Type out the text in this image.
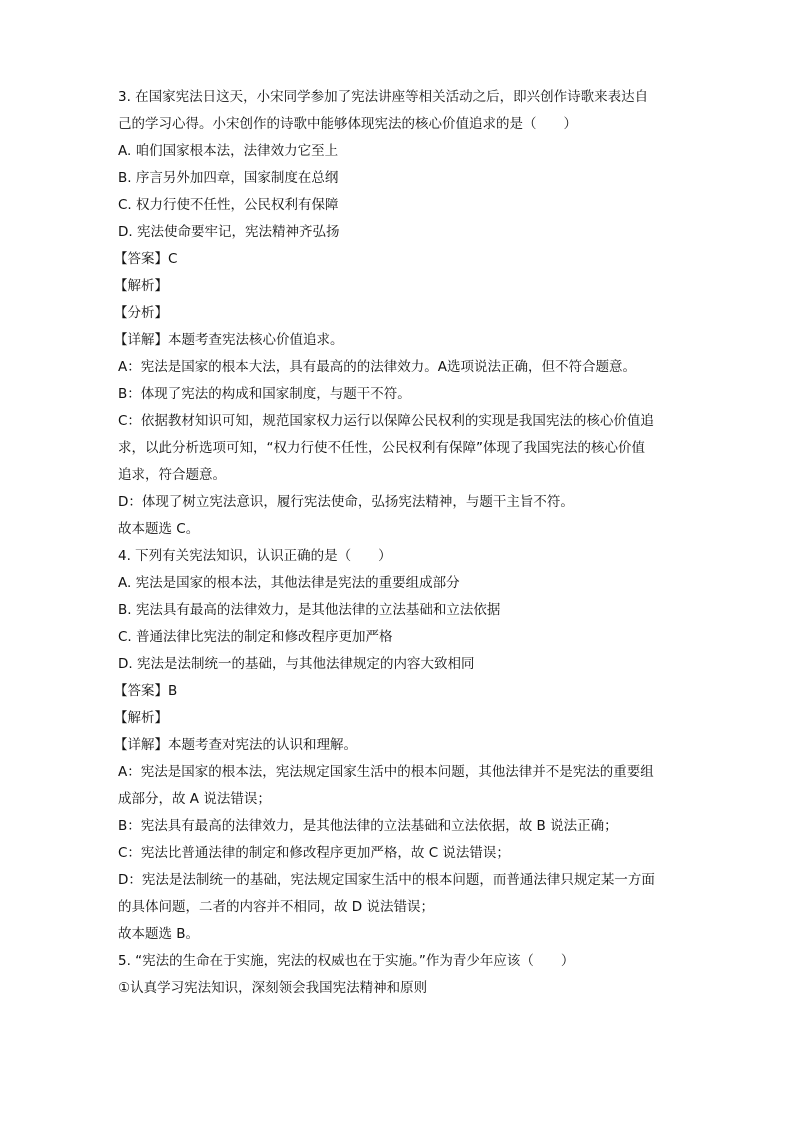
3. 在国家宪法日这天，小宋同学参加了宪法讲座等相关活动之后，即兴创作诗歌来表达自
己的学习心得。小宋创作的诗歌中能够体现宪法的核心价值追求的是（　　）
A. 咱们国家根本法，法律效力它至上
B. 序言另外加四章，国家制度在总纲
C. 权力行使不任性，公民权利有保障
D. 宪法使命要牢记，宪法精神齐弘扬
【答案】C
【解析】
【分析】
【详解】本题考查宪法核心价值追求。
A：宪法是国家的根本大法，具有最高的的法律效力。A选项说法正确，但不符合题意。
B：体现了宪法的构成和国家制度，与题干不符。
C：依据教材知识可知，规范国家权力运行以保障公民权利的实现是我国宪法的核心价值追
求，以此分析选项可知，“权力行使不任性，公民权利有保障”体现了我国宪法的核心价值
追求，符合题意。
D：体现了树立宪法意识，履行宪法使命，弘扬宪法精神，与题干主旨不符。
故本题选 C。
4. 下列有关宪法知识，认识正确的是（　　）
A. 宪法是国家的根本法，其他法律是宪法的重要组成部分
B. 宪法具有最高的法律效力，是其他法律的立法基础和立法依据
C. 普通法律比宪法的制定和修改程序更加严格
D. 宪法是法制统一的基础，与其他法律规定的内容大致相同
【答案】B
【解析】
【详解】本题考查对宪法的认识和理解。
A：宪法是国家的根本法，宪法规定国家生活中的根本问题，其他法律并不是宪法的重要组
成部分，故 A 说法错误；
B：宪法具有最高的法律效力，是其他法律的立法基础和立法依据，故 B 说法正确；
C：宪法比普通法律的制定和修改程序更加严格，故 C 说法错误；
D：宪法是法制统一的基础，宪法规定国家生活中的根本问题，而普通法律只规定某一方面
的具体问题，二者的内容并不相同，故 D 说法错误；
故本题选 B。
5. “宪法的生命在于实施，宪法的权威也在于实施。”作为青少年应该（　　）
①认真学习宪法知识，深刻领会我国宪法精神和原则
